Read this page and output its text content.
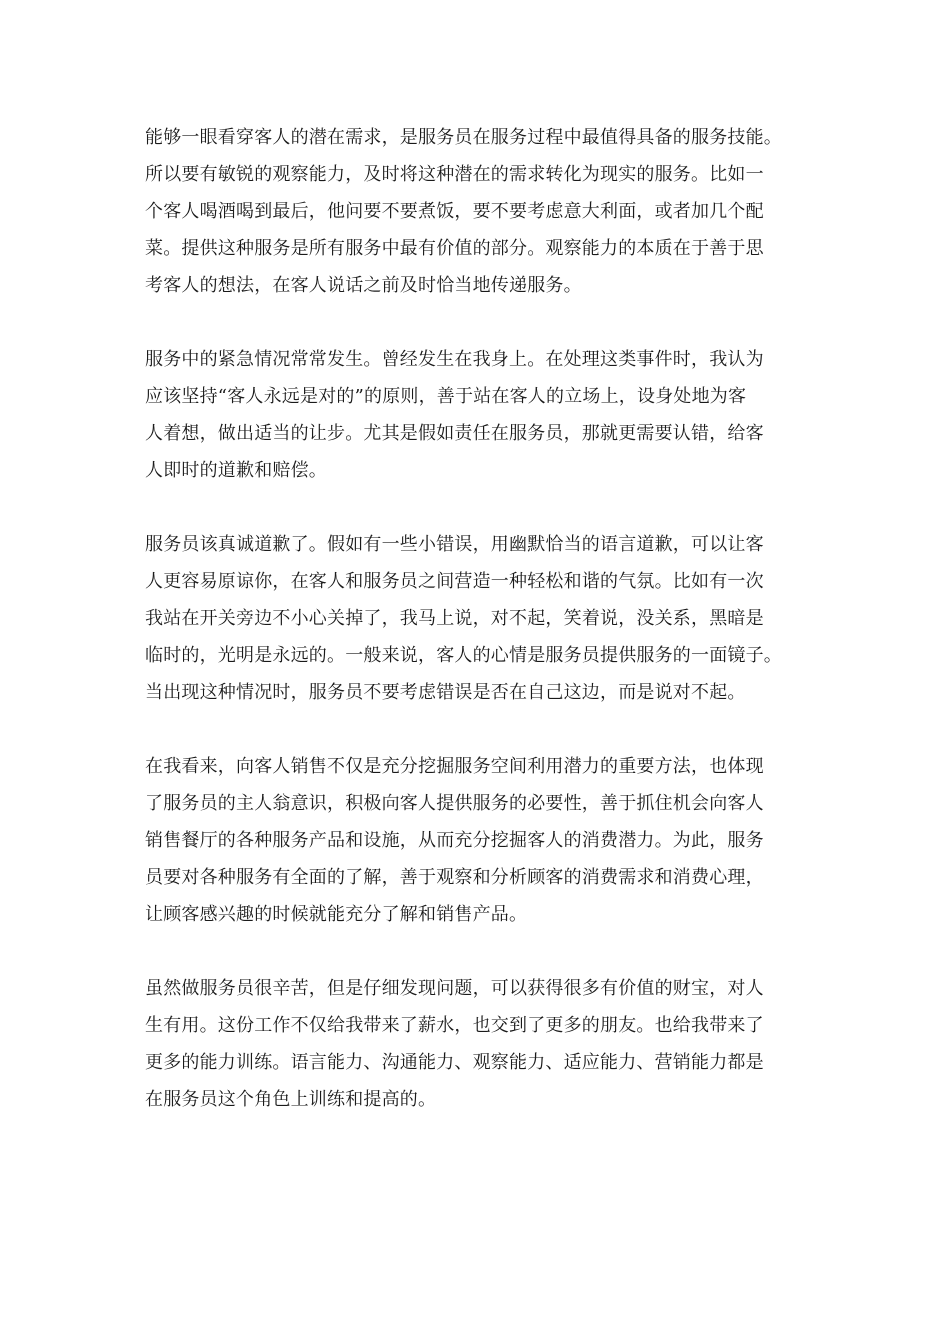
能够一眼看穿客人的潜在需求，是服务员在服务过程中最值得具备的服务技能。
所以要有敏锐的观察能力，及时将这种潜在的需求转化为现实的服务。比如一
个客人喝酒喝到最后，他问要不要煮饭，要不要考虑意大利面，或者加几个配
菜。提供这种服务是所有服务中最有价值的部分。观察能力的本质在于善于思
考客人的想法，在客人说话之前及时恰当地传递服务。

服务中的紧急情况常常发生。曾经发生在我身上。在处理这类事件时，我认为
应该坚持“客人永远是对的”的原则，善于站在客人的立场上，设身处地为客
人着想，做出适当的让步。尤其是假如责任在服务员，那就更需要认错，给客
人即时的道歉和赔偿。

服务员该真诚道歉了。假如有一些小错误，用幽默恰当的语言道歉，可以让客
人更容易原谅你，在客人和服务员之间营造一种轻松和谐的气氛。比如有一次
我站在开关旁边不小心关掉了，我马上说，对不起，笑着说，没关系，黑暗是
临时的，光明是永远的。一般来说，客人的心情是服务员提供服务的一面镜子。
当出现这种情况时，服务员不要考虑错误是否在自己这边，而是说对不起。

在我看来，向客人销售不仅是充分挖掘服务空间利用潜力的重要方法，也体现
了服务员的主人翁意识，积极向客人提供服务的必要性，善于抓住机会向客人
销售餐厅的各种服务产品和设施，从而充分挖掘客人的消费潜力。为此，服务
员要对各种服务有全面的了解，善于观察和分析顾客的消费需求和消费心理，
让顾客感兴趣的时候就能充分了解和销售产品。

虽然做服务员很辛苦，但是仔细发现问题，可以获得很多有价值的财宝，对人
生有用。这份工作不仅给我带来了薪水，也交到了更多的朋友。也给我带来了
更多的能力训练。语言能力、沟通能力、观察能力、适应能力、营销能力都是
在服务员这个角色上训练和提高的。
